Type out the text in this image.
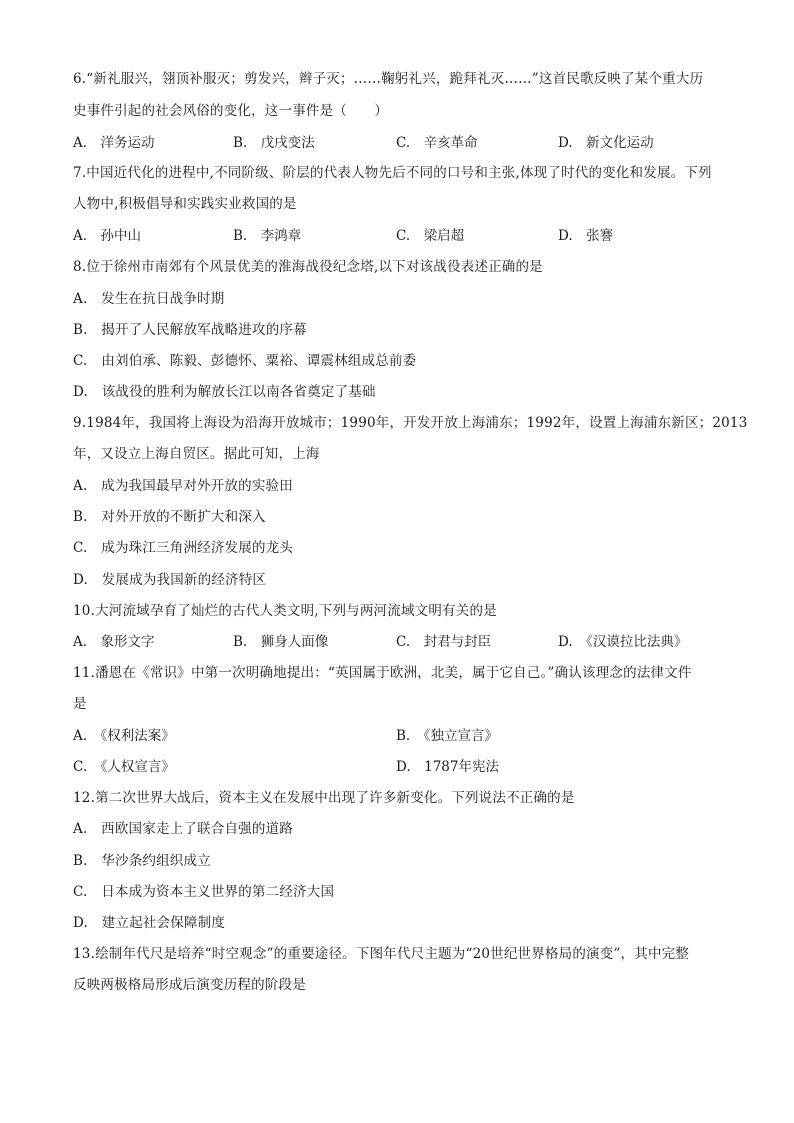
6.“新礼服兴，翎顶补服灭；剪发兴，辫子灭；……鞠躬礼兴，跪拜礼灭……”这首民歌反映了某个重大历
史事件引起的社会风俗的变化，这一事件是（　　）
A.　洋务运动	B.　戊戌变法	C.　辛亥革命	D.　新文化运动
7.中国近代化的进程中,不同阶级、阶层的代表人物先后不同的口号和主张,体现了时代的变化和发展。下列
人物中,积极倡导和实践实业救国的是
A.　孙中山	B.　李鸿章	C.　梁启超	D.　张謇
8.位于徐州市南郊有个风景优美的淮海战役纪念塔,以下对该战役表述正确的是
A.　发生在抗日战争时期
B.　揭开了人民解放军战略进攻的序幕
C.　由刘伯承、陈毅、彭德怀、粟裕、谭震林组成总前委
D.　该战役的胜利为解放长江以南各省奠定了基础
9.1984年，我国将上海设为沿海开放城市；1990年，开发开放上海浦东；1992年，设置上海浦东新区；2013
年，又设立上海自贸区。据此可知，上海
A.　成为我国最早对外开放的实验田
B.　对外开放的不断扩大和深入
C.　成为珠江三角洲经济发展的龙头
D.　发展成为我国新的经济特区
10.大河流域孕育了灿烂的古代人类文明,下列与两河流域文明有关的是
A.　象形文字	B.　狮身人面像	C.　封君与封臣	D.　《汉谟拉比法典》
11.潘恩在《常识》中第一次明确地提出：“英国属于欧洲，北美，属于它自己。”确认该理念的法律文件
是
A.　《权利法案》	B.　《独立宣言》
C.　《人权宣言》	D.　1787年宪法
12.第二次世界大战后，资本主义在发展中出现了许多新变化。下列说法不正确的是
A.　西欧国家走上了联合自强的道路
B.　华沙条约组织成立
C.　日本成为资本主义世界的第二经济大国
D.　建立起社会保障制度
13.绘制年代尺是培养“时空观念”的重要途径。下图年代尺主题为“20世纪世界格局的演变”，其中完整
反映两极格局形成后演变历程的阶段是
